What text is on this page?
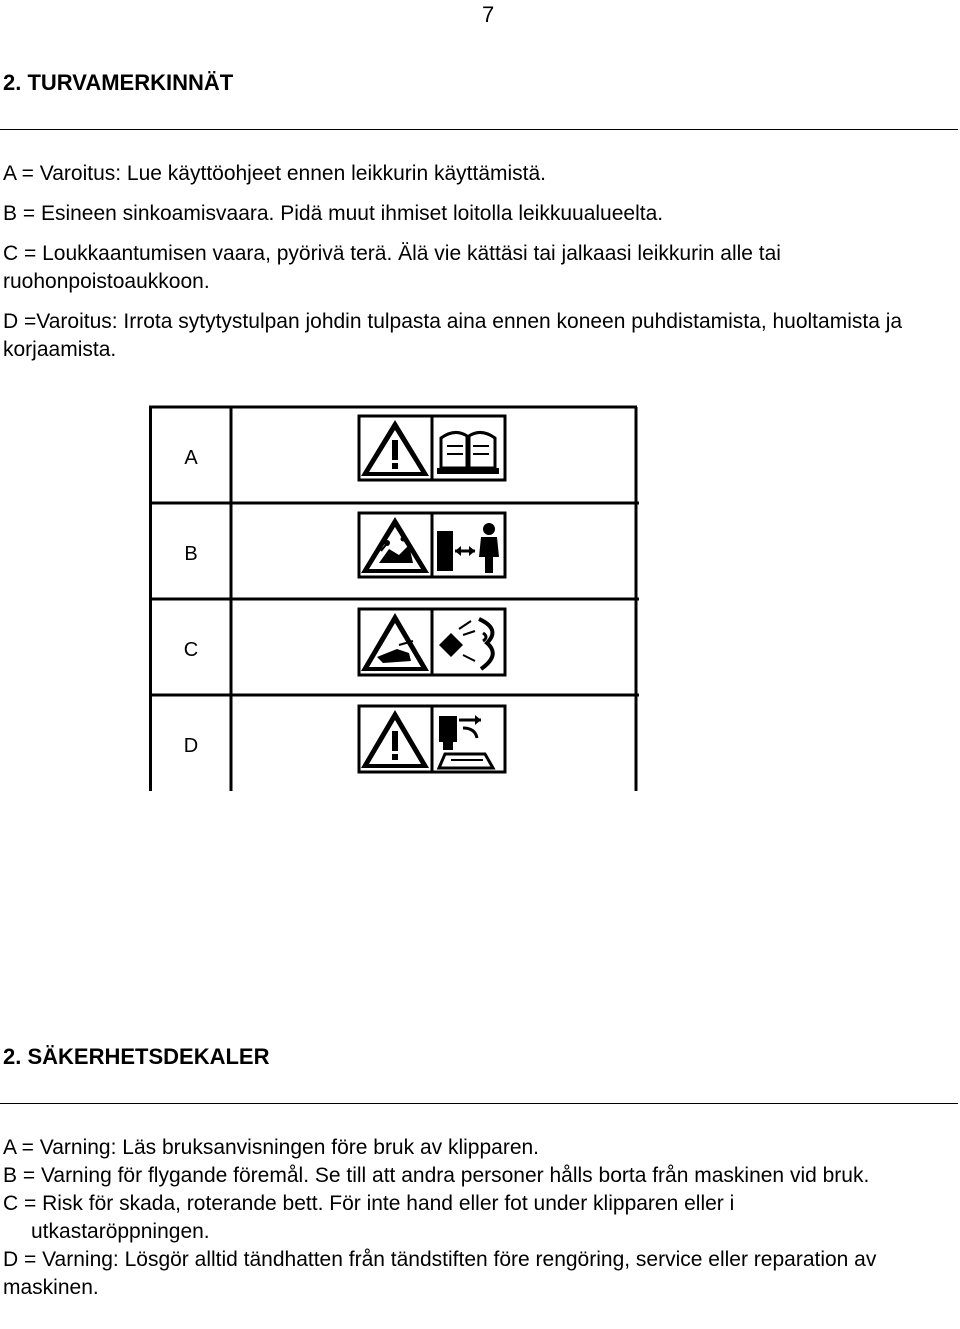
7
2. TURVAMERKINNÄT
A = Varoitus: Lue käyttöohjeet ennen leikkurin käyttämistä.
B = Esineen sinkoamisvaara. Pidä muut ihmiset loitolla leikkuualueelta.
C = Loukkaantumisen vaara, pyörivä terä. Älä vie kättäsi tai jalkaasi leikkurin alle tai ruohonpoistoaukkoon.
D =Varoitus: Irrota sytytystulpan johdin tulpasta aina ennen koneen puhdistamista, huoltamista ja korjaamista.
A
B
C
D
2. SÄKERHETSDEKALER
A = Varning: Läs bruksanvisningen före bruk av klipparen.
B = Varning för flygande föremål. Se till att andra personer hålls borta från maskinen vid bruk.
C = Risk för skada, roterande bett. För inte hand eller fot under klipparen eller i utkastaröppningen.
D = Varning: Lösgör alltid tändhatten från tändstiften före rengöring, service eller reparation av maskinen.
